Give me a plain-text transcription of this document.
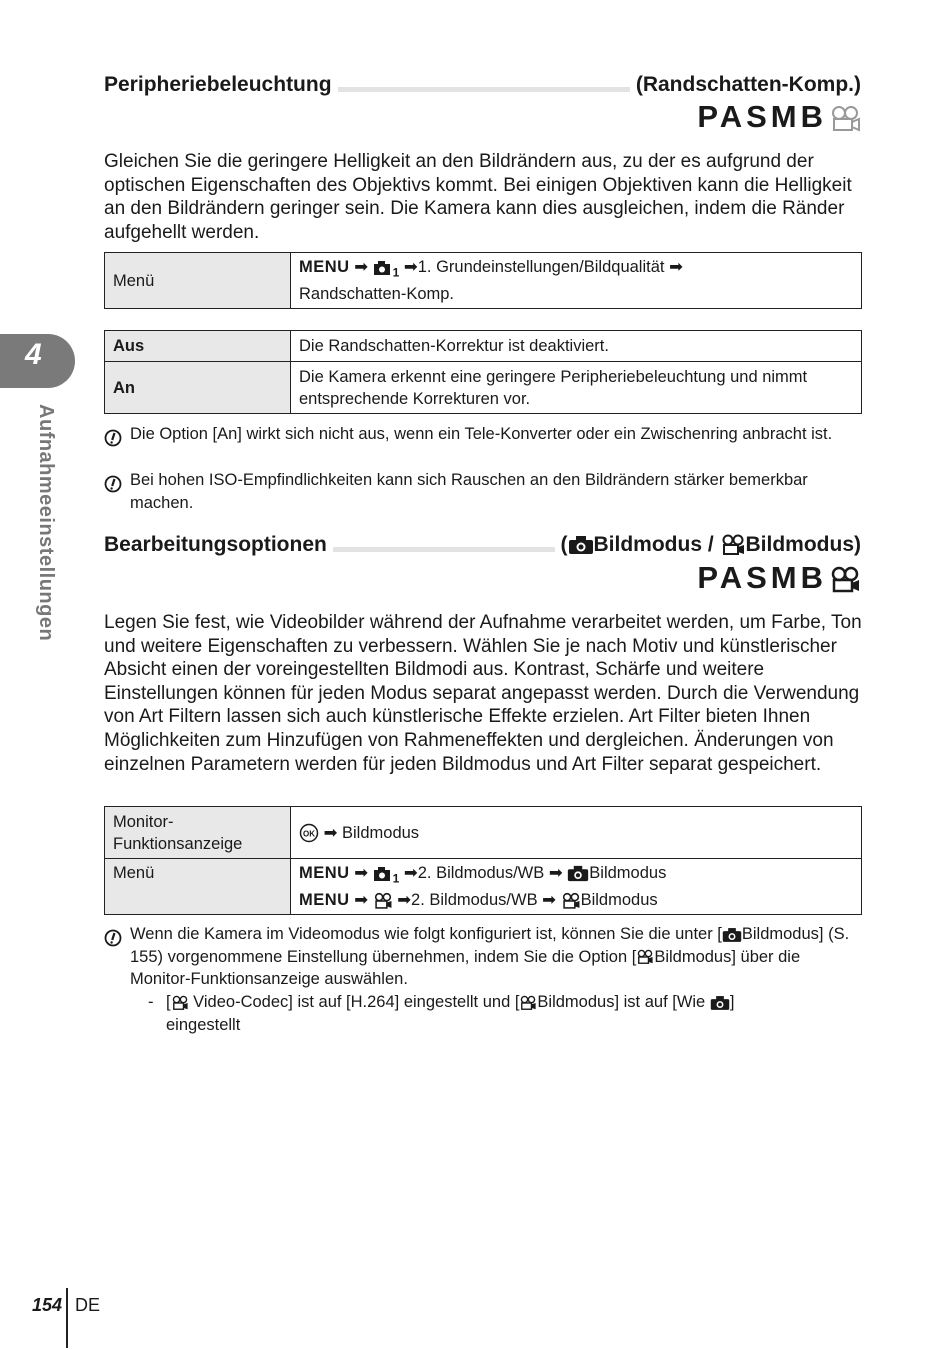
4
Aufnahmeeinstellungen
Peripheriebeleuchtung	(Randschatten-Komp.)
PASMB
Gleichen Sie die geringere Helligkeit an den Bildrändern aus, zu der es aufgrund der optischen Eigenschaften des Objektivs kommt. Bei einigen Objektiven kann die Helligkeit an den Bildrändern geringer sein. Die Kamera kann dies ausgleichen, indem die Ränder aufgehellt werden.
Menü	MENU ➡ $_1$ ➡1. Grundeinstellungen/Bildqualität ➡
Randschatten-Komp.
Aus	Die Randschatten-Korrektur ist deaktiviert.
An	Die Kamera erkennt eine geringere Peripheriebeleuchtung und nimmt entsprechende Korrekturen vor.
Die Option [An] wirkt sich nicht aus, wenn ein Tele-Konverter oder ein Zwischenring anbracht ist.
Bei hohen ISO-Empfindlichkeiten kann sich Rauschen an den Bildrändern stärker bemerkbar machen.
Bearbeitungsoptionen	( Bildmodus / Bildmodus)
PASMB
Legen Sie fest, wie Videobilder während der Aufnahme verarbeitet werden, um Farbe, Ton und weitere Eigenschaften zu verbessern. Wählen Sie je nach Motiv und künstlerischer Absicht einen der voreingestellten Bildmodi aus. Kontrast, Schärfe und weitere Einstellungen können für jeden Modus separat angepasst werden. Durch die Verwendung von Art Filtern lassen sich auch künstlerische Effekte erzielen. Art Filter bieten Ihnen Möglichkeiten zum Hinzufügen von Rahmeneffekten und dergleichen. Änderungen von einzelnen Parametern werden für jeden Bildmodus und Art Filter separat gespeichert.
Monitor-Funktionsanzeige	OK ➡ Bildmodus
Menü	MENU ➡ $_1$ ➡2. Bildmodus/WB ➡ Bildmodus
MENU ➡ ➡2. Bildmodus/WB ➡ Bildmodus
Wenn die Kamera im Videomodus wie folgt konfiguriert ist, können Sie die unter [ Bildmodus] (S. 155) vorgenommene Einstellung übernehmen, indem Sie die Option [ Bildmodus] über die Monitor-Funktionsanzeige auswählen.
- [ Video-Codec] ist auf [H.264] eingestellt und [ Bildmodus] ist auf [Wie ]
eingestellt
154 DE
